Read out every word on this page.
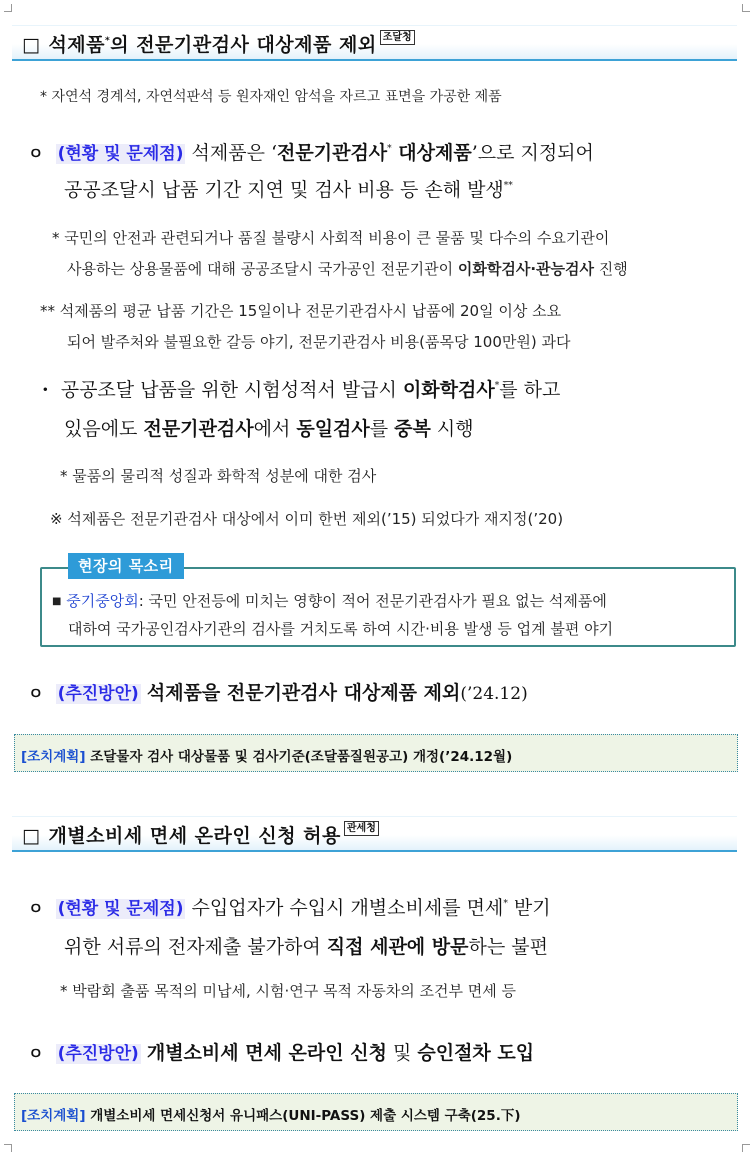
□ 석제품*의 전문기관검사 대상제품 제외 조달청
* 자연석 경계석, 자연석판석 등 원자재인 암석을 자르고 표면을 가공한 제품
ㅇ (현황 및 문제점) 석제품은 ‘전문기관검사* 대상제품’으로 지정되어
공공조달시 납품 기간 지연 및 검사 비용 등 손해 발생**
* 국민의 안전과 관련되거나 품질 불량시 사회적 비용이 큰 물품 및 다수의 수요기관이
사용하는 상용물품에 대해 공공조달시 국가공인 전문기관이 이화학검사·관능검사 진행
** 석제품의 평균 납품 기간은 15일이나 전문기관검사시 납품에 20일 이상 소요
되어 발주처와 불필요한 갈등 야기, 전문기관검사 비용(품목당 100만원) 과다
· 공공조달 납품을 위한 시험성적서 발급시 이화학검사*를 하고
있음에도 전문기관검사에서 동일검사를 중복 시행
* 물품의 물리적 성질과 화학적 성분에 대한 검사
※ 석제품은 전문기관검사 대상에서 이미 한번 제외(’15) 되었다가 재지정(’20)
현장의 목소리
■ 중기중앙회: 국민 안전등에 미치는 영향이 적어 전문기관검사가 필요 없는 석제품에
대하여 국가공인검사기관의 검사를 거치도록 하여 시간·비용 발생 등 업계 불편 야기
ㅇ (추진방안) 석제품을 전문기관검사 대상제품 제외(’24.12)
[조치계획] 조달물자 검사 대상물품 및 검사기준(조달품질원공고) 개정(’24.12월)
□ 개별소비세 면세 온라인 신청 허용 관세청
ㅇ (현황 및 문제점) 수입업자가 수입시 개별소비세를 면세* 받기
위한 서류의 전자제출 불가하여 직접 세관에 방문하는 불편
* 박람회 출품 목적의 미납세, 시험·연구 목적 자동차의 조건부 면세 등
ㅇ (추진방안) 개별소비세 면세 온라인 신청 및 승인절차 도입
[조치계획] 개별소비세 면세신청서 유니패스(UNI-PASS) 제출 시스템 구축(25.下)
